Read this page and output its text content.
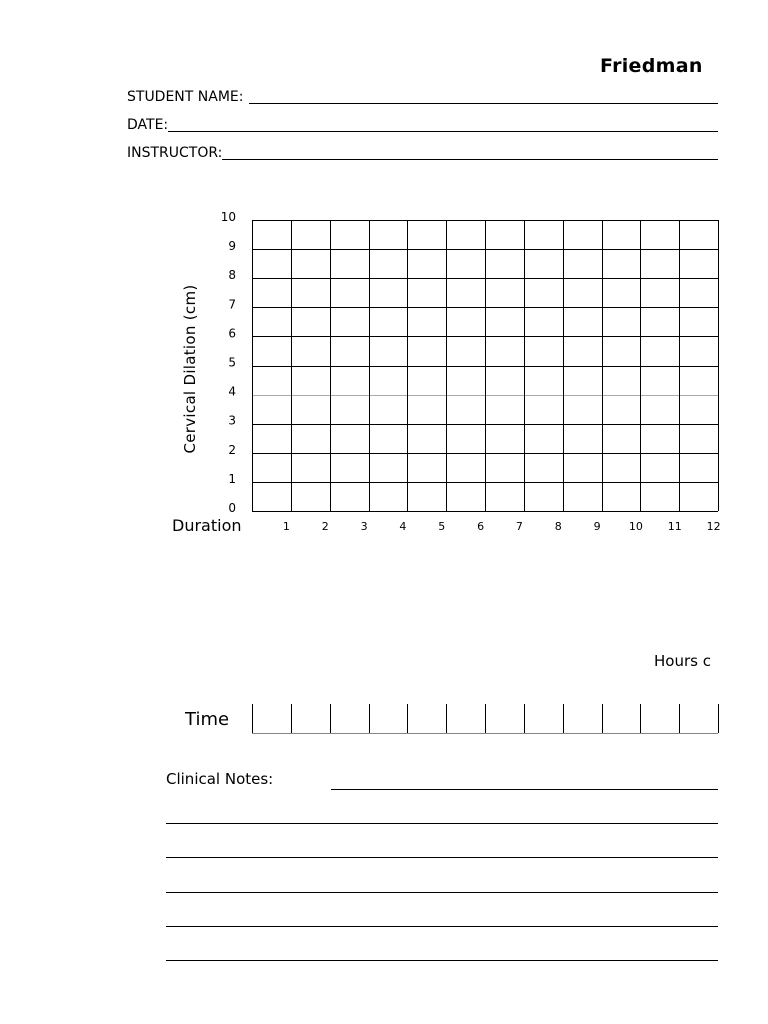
Friedman
STUDENT NAME:
DATE:
INSTRUCTOR:
Cervical Dilation (cm)
10
9
8
7
6
5
4
3
2
1
0
1	2	3	4	5	6	7	8	9	10 11 12
Duration
Hours c
Time
Clinical Notes:
